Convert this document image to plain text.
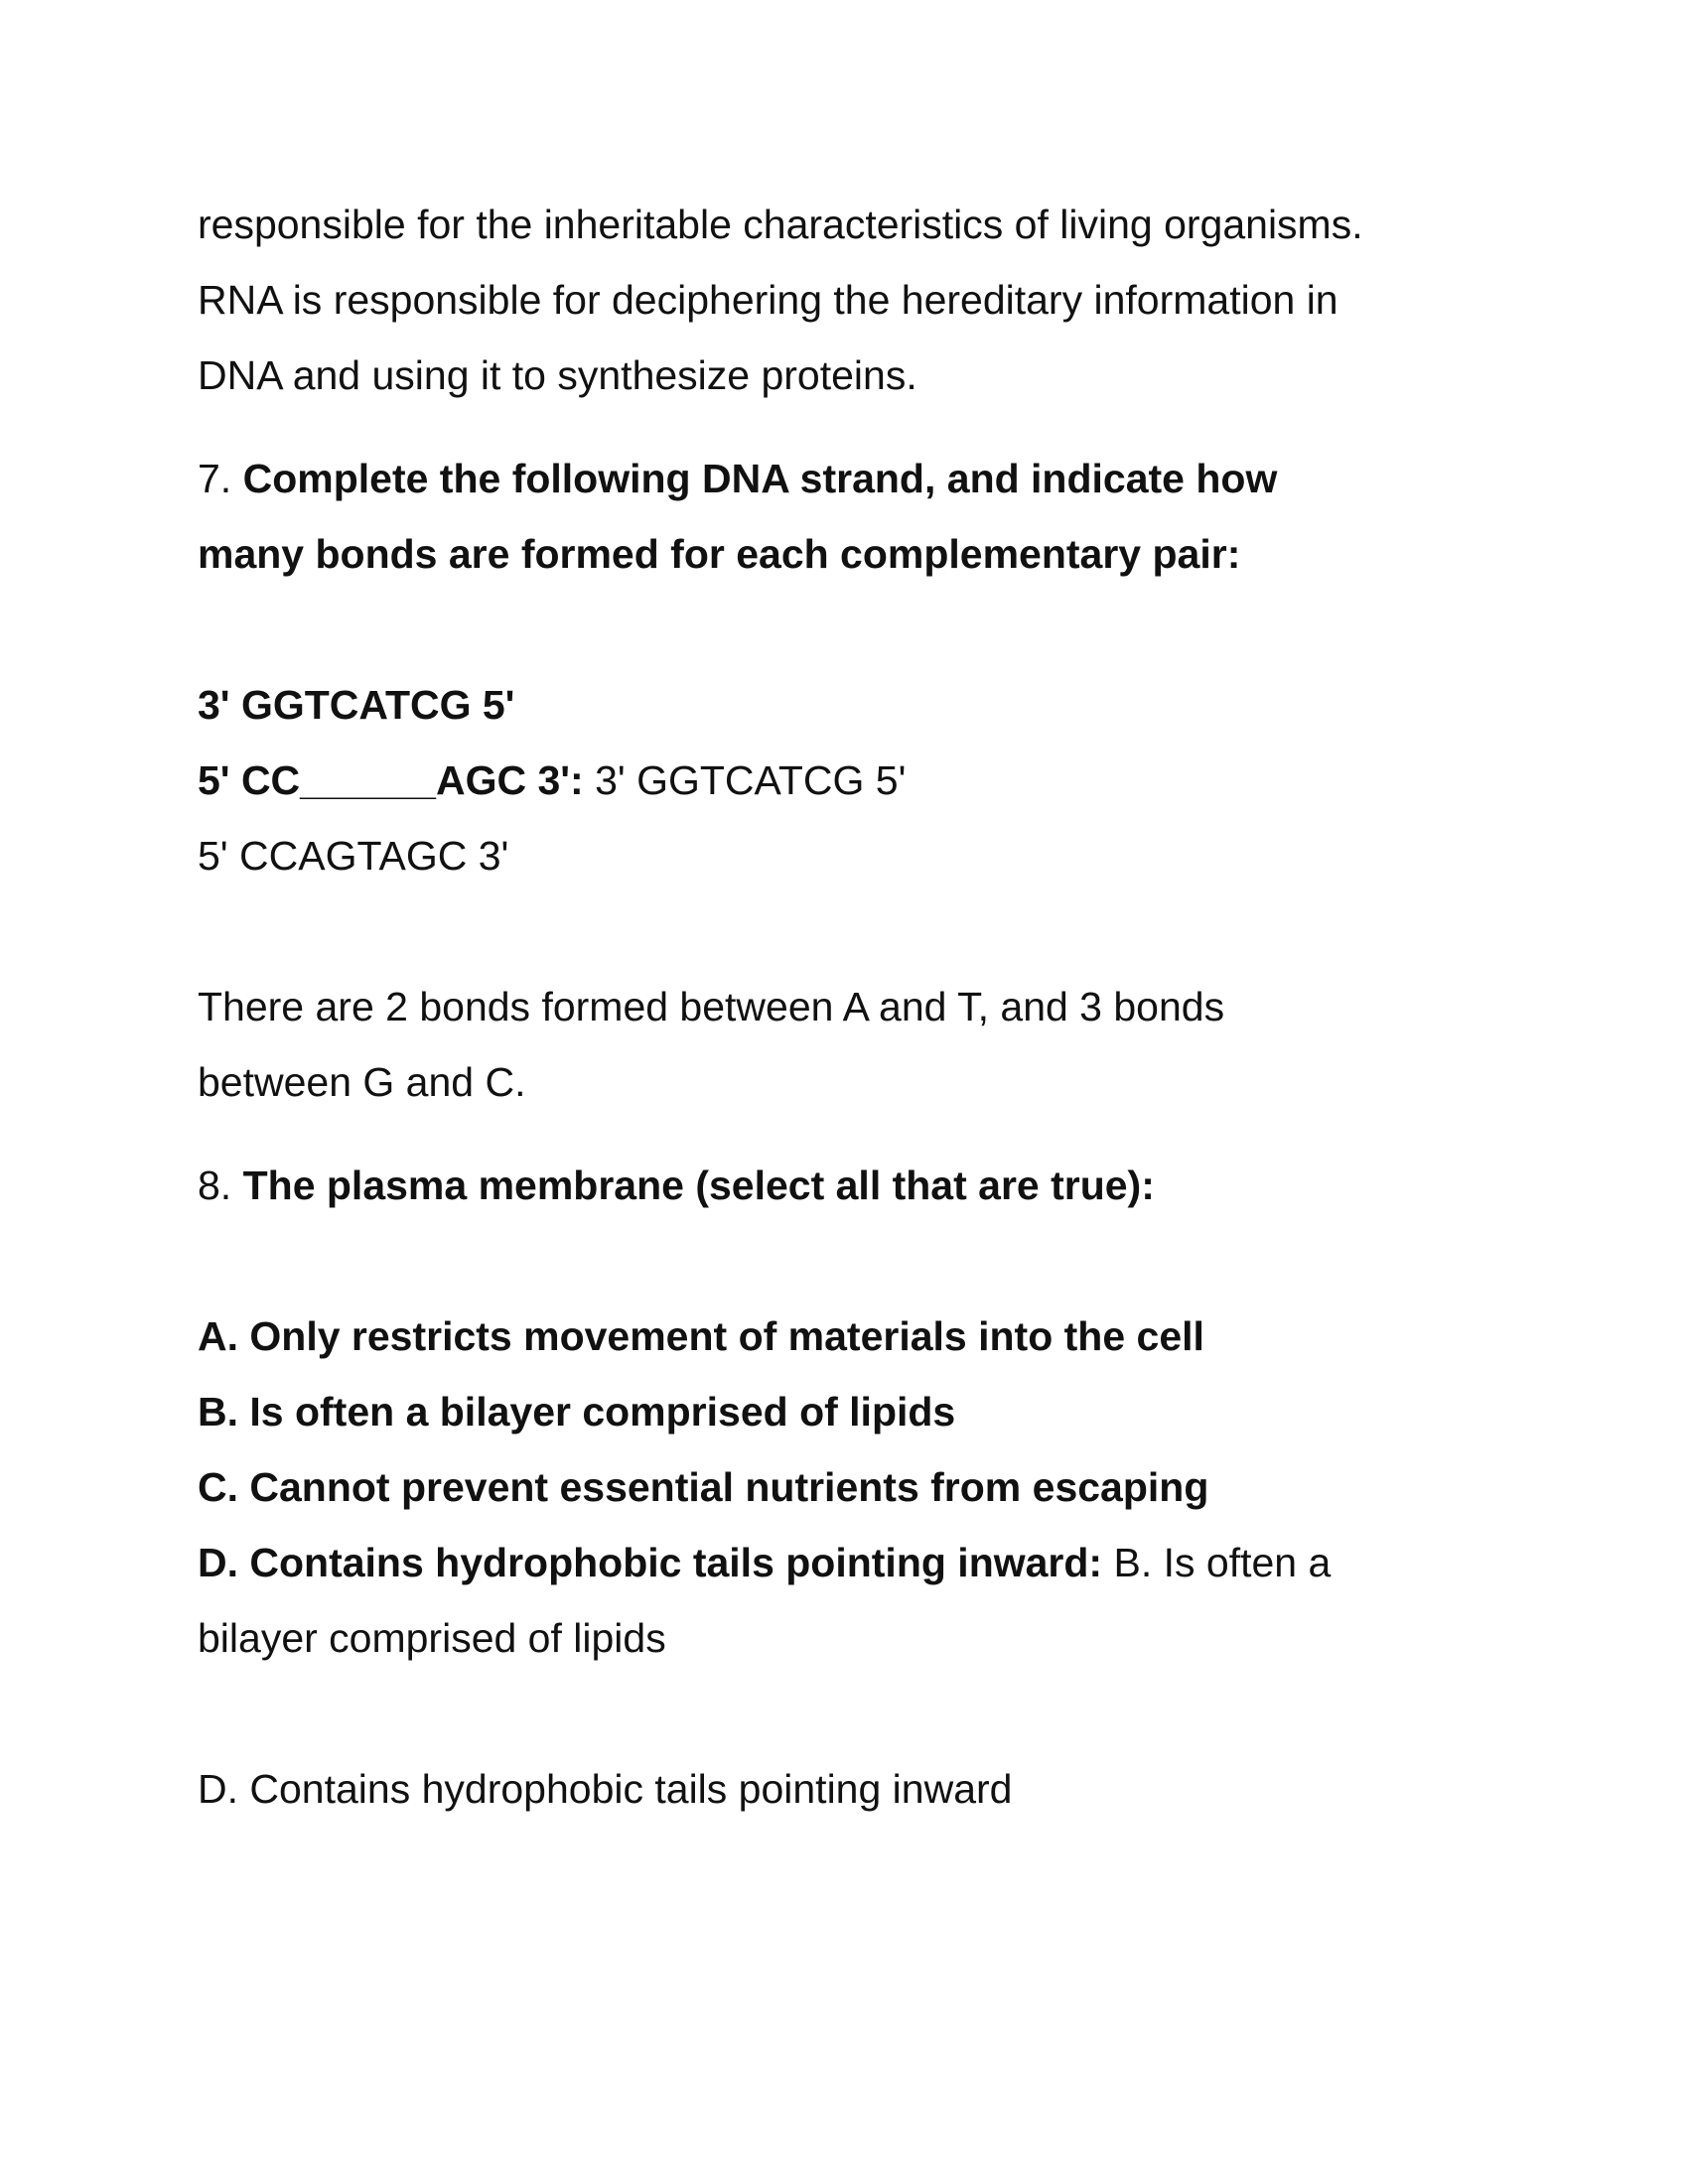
responsible for the inheritable characteristics of living organisms.
RNA is responsible for deciphering the hereditary information in
DNA and using it to synthesize proteins.
7. Complete the following DNA strand, and indicate how
many bonds are formed for each complementary pair:
3' GGTCATCG 5'
5' CC______AGC 3': 3' GGTCATCG 5'
5' CCAGTAGC 3'
There are 2 bonds formed between A and T, and 3 bonds
between G and C.
8. The plasma membrane (select all that are true):
A. Only restricts movement of materials into the cell
B. Is often a bilayer comprised of lipids
C. Cannot prevent essential nutrients from escaping
D. Contains hydrophobic tails pointing inward: B. Is often a
bilayer comprised of lipids
D. Contains hydrophobic tails pointing inward
